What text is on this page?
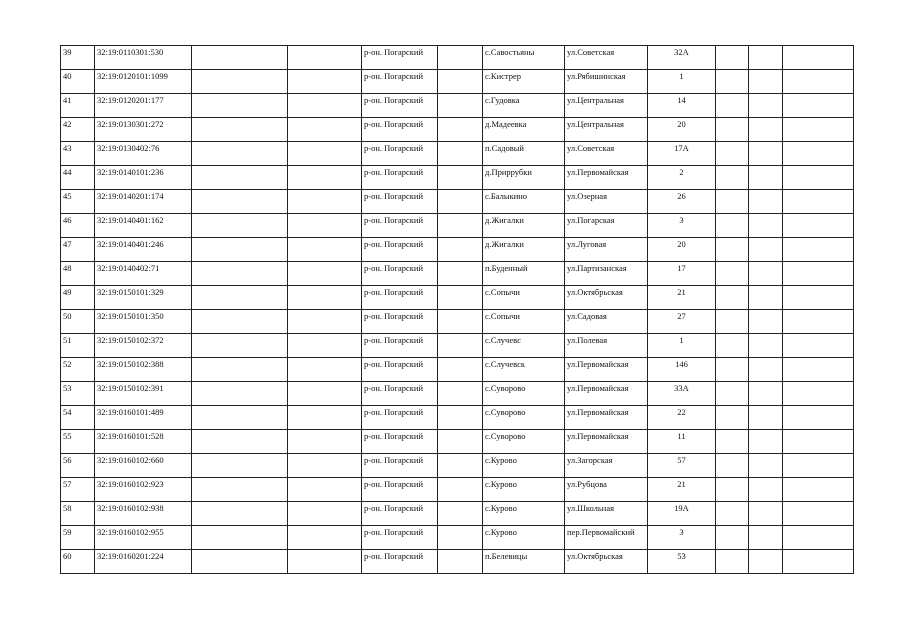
39	32:19:0110301:530			р-он. Погарский		с.Савостьяны	ул.Советская	32А			
40	32:19:0120101:1099			р-он. Погарский		с.Кистрер	ул.Рябишинская	1			
41	32:19:0120201:177			р-он. Погарский		с.Гудовка	ул.Центральная	14			
42	32:19:0130301:272			р-он. Погарский		д.Мадеевка	ул.Центральная	20			
43	32:19:0130402:76			р-он. Погарский		п.Садовый	ул.Советская	17А			
44	32:19:0140101:236			р-он. Погарский		д.Приррубки	ул.Первомайская	2			
45	32:19:0140201:174			р-он. Погарский		с.Балыкино	ул.Озерная	26			
46	32:19:0140401:162			р-он. Погарский		д.Жигалки	ул.Погарская	3			
47	32:19:0140401:246			р-он. Погарский		д.Жигалки	ул.Луговая	20			
48	32:19:0140402:71			р-он. Погарский		п.Буденный	ул.Партизанская	17			
49	32:19:0150101:329			р-он. Погарский		с.Сопычи	ул.Октябрьская	21			
50	32:19:0150101:350			р-он. Погарский		с.Сопычи	ул.Садовая	27			
51	32:19:0150102:372			р-он. Погарский		с.Случевс	ул.Полевая	1			
52	32:19:0150102:388			р-он. Погарский		с.Случевск	ул.Первомайская	146			
53	32:19:0150102:391			р-он. Погарский		с.Суворово	ул.Первомайская	33А			
54	32:19:0160101:489			р-он. Погарский		с.Суворово	ул.Первомайская	22			
55	32:19:0160101:528			р-он. Погарский		с.Суворово	ул.Первомайская	11			
56	32:19:0160102:660			р-он. Погарский		с.Курово	ул.Загорская	57			
57	32:19:0160102:923			р-он. Погарский		с.Курово	ул.Рубцова	21			
58	32:19:0160102:938			р-он. Погарский		с.Курово	ул.Школьная	19А			
59	32:19:0160102:955			р-он. Погарский		с.Курово	пер.Первомайский	3			
60	32:19:0160201:224			р-он. Погарский		п.Белевицы	ул.Октябрьская	53			
